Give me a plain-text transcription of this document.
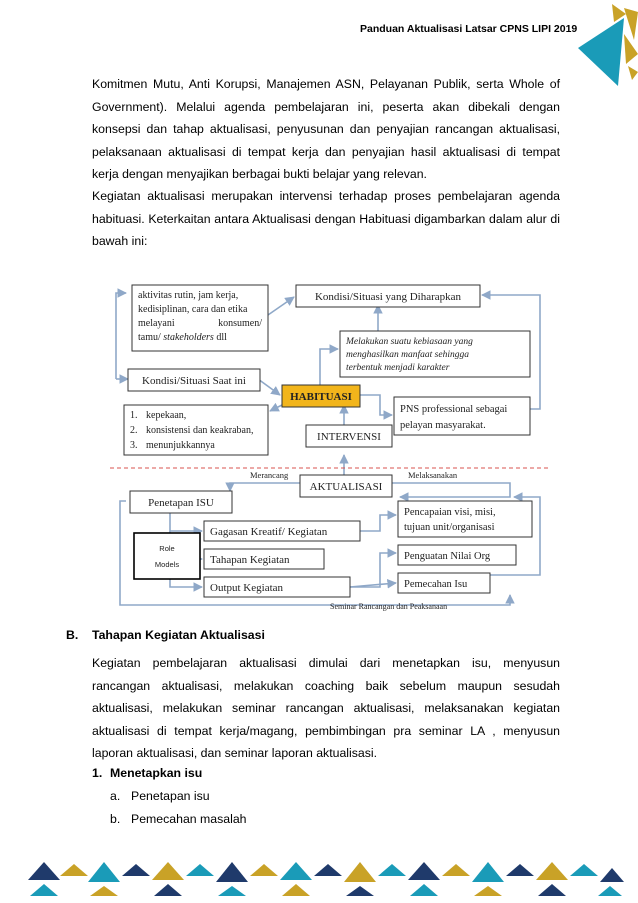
Panduan Aktualisasi Latsar CPNS LIPI 2019
Komitmen Mutu, Anti Korupsi, Manajemen ASN, Pelayanan Publik, serta Whole of Government). Melalui agenda pembelajaran ini, peserta akan dibekali dengan konsepsi dan tahap aktualisasi, penyusunan dan penyajian rancangan aktualisasi, pelaksanaan aktualisasi di tempat kerja dan penyajian hasil aktualisasi di tempat kerja dengan menyajikan berbagai bukti belajar yang relevan.
Kegiatan aktualisasi merupakan intervensi terhadap proses pembelajaran agenda habituasi. Keterkaitan antara Aktualisasi dengan Habituasi digambarkan dalam alur di bawah ini:
aktivitas rutin, jam kerja,
kedisiplinan, cara dan etika
melayani	konsumen/
tamu/ stakeholders dll
Kondisi/Situasi yang Diharapkan
Melakukan suatu kebiasaan yang
menghasilkan manfaat sehingga
terbentuk menjadi karakter
Kondisi/Situasi Saat ini
HABITUASI
PNS professional sebagai
pelayan masyarakat.
1. kepekaan,
2. konsistensi dan keakraban,
3. menunjukkannya
INTERVENSI
AKTUALISASI
Merancang	Melaksanakan
Penetapan ISU
Role
Models
Gagasan Kreatif/ Kegiatan
Tahapan Kegiatan
Output Kegiatan
Pencapaian visi, misi,
tujuan unit/organisasi
Penguatan Nilai Org
Pemecahan Isu
Seminar Rancangan dan Peaksanaan
B. Tahapan Kegiatan Aktualisasi
Kegiatan pembelajaran aktualisasi dimulai dari menetapkan isu, menyusun rancangan aktualisasi, melakukan coaching baik sebelum maupun sesudah aktualisasi, melakukan seminar rancangan aktualisasi, melaksanakan kegiatan aktualisasi di tempat kerja/magang, pembimbingan pra seminar LA , menyusun laporan aktualisasi, dan seminar laporan aktualisasi.
1. Menetapkan isu
a. Penetapan isu
b. Pemecahan masalah
